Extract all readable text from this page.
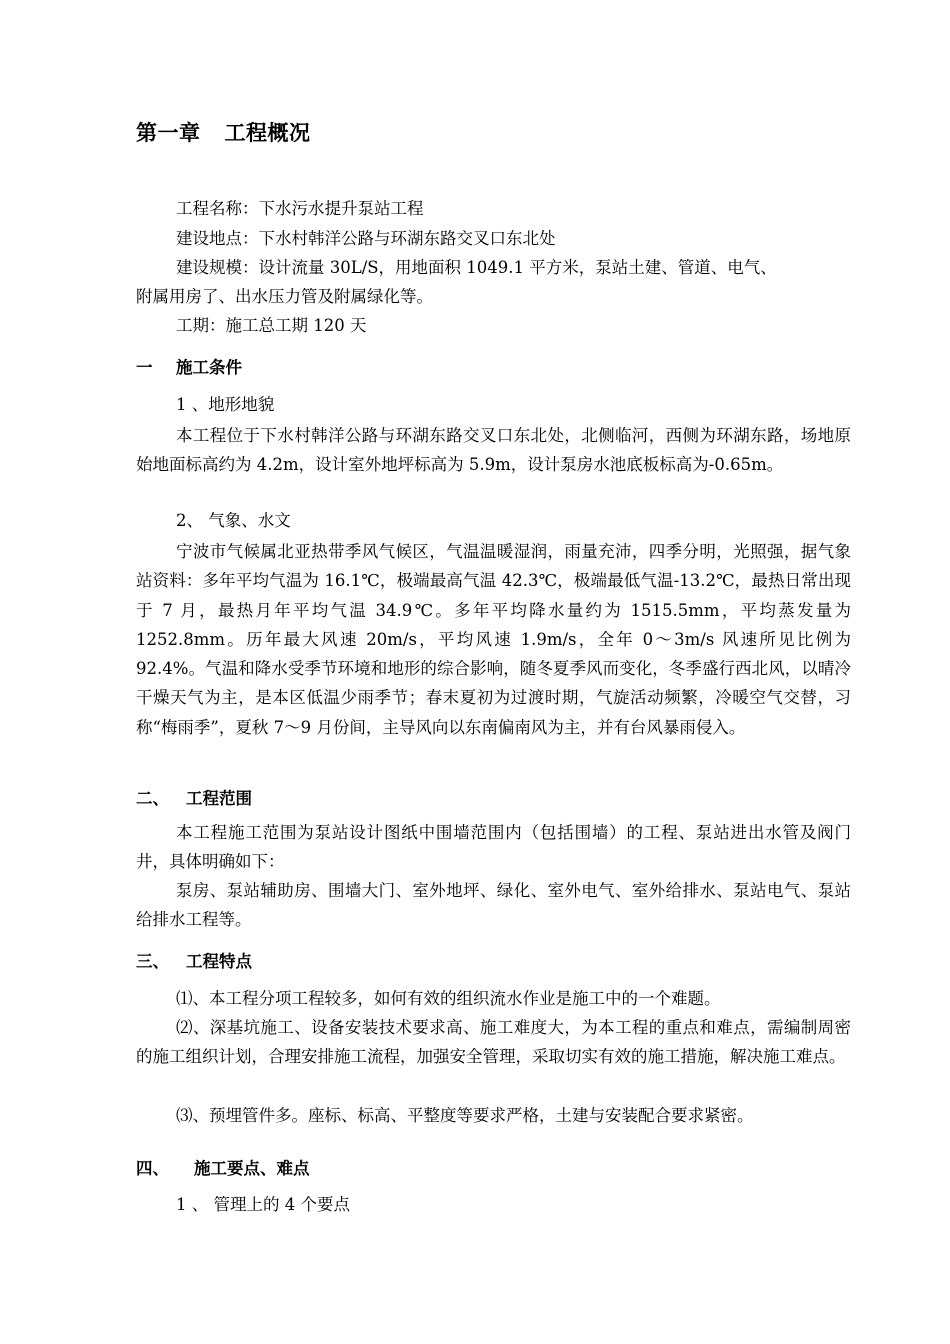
第一章 工程概况
工程名称：下水污水提升泵站工程
建设地点：下水村韩洋公路与环湖东路交叉口东北处
建设规模：设计流量 30L/S，用地面积 1049.1 平方米，泵站土建、管道、电气、
附属用房了、出水压力管及附属绿化等。
工期：施工总工期 120 天
一 施工条件
1 、地形地貌
本工程位于下水村韩洋公路与环湖东路交叉口东北处，北侧临河，西侧为环湖东路，场地原始地面标高约为 4.2m，设计室外地坪标高为 5.9m，设计泵房水池底板标高为-0.65m。
2、 气象、水文
宁波市气候属北亚热带季风气候区，气温温暖湿润，雨量充沛，四季分明，光照强，据气象站资料：多年平均气温为 16.1℃，极端最高气温 42.3℃，极端最低气温-13.2℃，最热日常出现于 7 月，最热月年平均气温 34.9℃。多年平均降水量约为 1515.5mm，平均蒸发量为 1252.8mm。历年最大风速 20m/s，平均风速 1.9m/s，全年 0～3m/s 风速所见比例为 92.4%。气温和降水受季节环境和地形的综合影响，随冬夏季风而变化，冬季盛行西北风，以晴冷干燥天气为主，是本区低温少雨季节；春末夏初为过渡时期，气旋活动频繁，冷暖空气交替，习称“梅雨季”，夏秋 7～9 月份间，主导风向以东南偏南风为主，并有台风暴雨侵入。
二、 工程范围
本工程施工范围为泵站设计图纸中围墙范围内（包括围墙）的工程、泵站进出水管及阀门井，具体明确如下：
泵房、泵站辅助房、围墙大门、室外地坪、绿化、室外电气、室外给排水、泵站电气、泵站给排水工程等。
三、 工程特点
⑴、本工程分项工程较多，如何有效的组织流水作业是施工中的一个难题。
⑵、深基坑施工、设备安装技术要求高、施工难度大，为本工程的重点和难点，需编制周密的施工组织计划，合理安排施工流程，加强安全管理，采取切实有效的施工措施，解决施工难点。
⑶、预埋管件多。座标、标高、平整度等要求严格，土建与安装配合要求紧密。
四、 施工要点、难点
1 、 管理上的 4 个要点
